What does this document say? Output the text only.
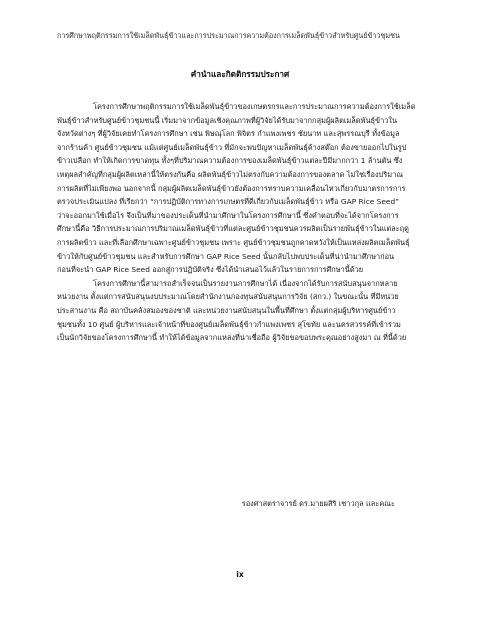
การศึกษาพฤติกรรมการใช้เมล็ดพันธุ์ข้าวและการประมาณการความต้องการเมล็ดพันธุ์ข้าวสำหรับศูนย์ข้าวชุมชน
คำนำและกิตติกรรมประกาศ
โครงการศึกษาพฤติกรรมการใช้เมล็ดพันธุ์ข้าวของเกษตรกรและการประมาณการความต้องการใช้เมล็ด
พันธุ์ข้าวสำหรับศูนย์ข้าวชุมชนนี้ เริ่มมาจากข้อมูลเชิงคุณภาพที่ผู้วิจัยได้รับมาจากกลุ่มผู้ผลิตเมล็ดพันธุ์ข้าวใน
จังหวัดต่างๆ ที่ผู้วิจัยเคยทำโครงการศึกษา เช่น พิษณุโลก พิจิตร กำแพงเพชร ชัยนาท และสุพรรณบุรี ทั้งข้อมูล
จากร้านค้า ศูนย์ข้าวชุมชน แม้แต่ศูนย์เมล็ดพันธุ์ข้าว ที่มักจะพบปัญหาเมล็ดพันธุ์ค้างสต๊อก ต้องขายออกไปในรูป
ข้าวเปลือก ทำให้เกิดการขาดทุน ทั้งๆที่ปริมาณความต้องการของเมล็ดพันธุ์ข้าวแต่ละปีมีมากกว่า 1 ล้านตัน ซึ่ง
เหตุผลสำคัญที่กลุ่มผู้ผลิตเหล่านี้ให้ตรงกันคือ ผลิตพันธุ์ข้าวไม่ตรงกับความต้องการของตลาด ไม่ใช่เรื่องปริมาณ
การผลิตที่ไม่เพียงพอ นอกจากนี้ กลุ่มผู้ผลิตเมล็ดพันธุ์ข้าวยังต้องการทราบความเคลื่อนไหวเกี่ยวกับมาตรการการ
ตรวจประเมินแปลง ที่เรียกว่า “การปฏิบัติการทางการเกษตรที่ดีเกี่ยวกับเมล็ดพันธุ์ข้าว หรือ GAP Rice Seed”
ว่าจะออกมาใช้เมื่อไร จึงเป็นที่มาของประเด็นที่นำมาศึกษาในโครงการศึกษานี้ ซึ่งคำตอบที่จะได้จากโครงการ
ศึกษานี้คือ วิธีการประมาณการปริมาณเมล็ดพันธุ์ข้าวที่แต่ละศูนย์ข้าวชุมชนควรผลิตเป็นรายพันธุ์ข้าวในแต่ละฤดู
การผลิตข้าว และที่เลือกศึกษาเฉพาะศูนย์ข้าวชุมชน เพราะ ศูนย์ข้าวชุมชนถูกคาดหวังให้เป็นแหล่งผลิตเมล็ดพันธุ์
ข้าวให้กับศูนย์ข้าวชุมชน และสำหรับการศึกษา GAP Rice Seed นั้นกลับไปพบประเด็นที่น่านำมาศึกษาก่อน
ก่อนที่จะนำ GAP Rice Seed ออกสู่การปฏิบัติจริง ซึ่งได้นำเสนอไว้แล้วในรายการการศึกษานี้ด้วย
โครงการศึกษานี้สามารถสำเร็จจนเป็นรายงานการศึกษาได้ เนื่องจากได้รับการสนับสนุนจากหลาย
หน่วยงาน ตั้งแต่การสนับสนุนงบประมาณโดยสำนักงานกองทุนสนับสนุนการวิจัย (สกว.) ในขณะนั้น ที่มีหน่วย
ประสานงาน คือ สถาบันคลังสมองของชาติ และหน่วยงานสนับสนุนในพื้นที่ศึกษา ตั้งแต่กลุ่มผู้บริหารศูนย์ข้าว
ชุมชนทั้ง 10 ศูนย์ ผู้บริหารและเจ้าหน้าที่ของศูนย์เมล็ดพันธุ์ข้าวกำแพงเพชร สุโขทัย และนครสวรรค์ที่เข้าร่วม
เป็นนักวิจัยของโครงการศึกษานี้ ทำให้ได้ข้อมูลจากแหล่งที่น่าเชื่อถือ ผู้วิจัยขอขอบพระคุณอย่างสูงมา ณ ที่นี้ด้วย
รองศาสตราจารย์ ดร.มายผสิริ เชาวกุล และคณะ
ix
